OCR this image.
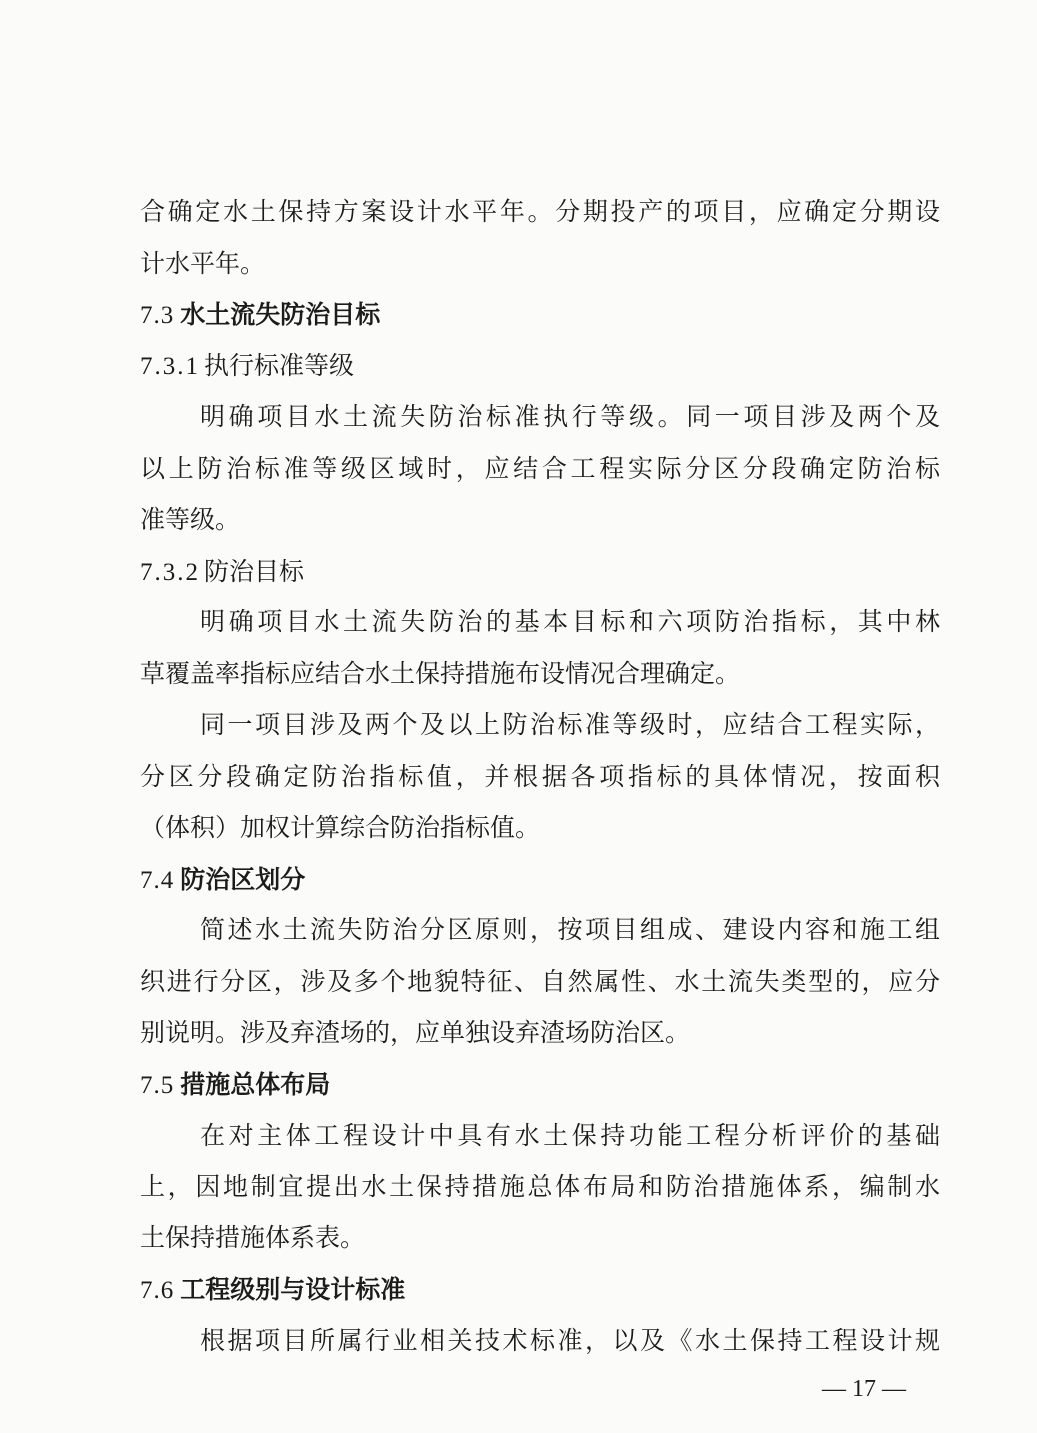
合确定水土保持方案设计水平年。分期投产的项目，应确定分期设
计水平年。
7.3 水土流失防治目标
7.3.1 执行标准等级
明确项目水土流失防治标准执行等级。同一项目涉及两个及
以上防治标准等级区域时，应结合工程实际分区分段确定防治标
准等级。
7.3.2 防治目标
明确项目水土流失防治的基本目标和六项防治指标，其中林
草覆盖率指标应结合水土保持措施布设情况合理确定。
同一项目涉及两个及以上防治标准等级时，应结合工程实际，
分区分段确定防治指标值，并根据各项指标的具体情况，按面积
（体积）加权计算综合防治指标值。
7.4 防治区划分
简述水土流失防治分区原则，按项目组成、建设内容和施工组
织进行分区，涉及多个地貌特征、自然属性、水土流失类型的，应分
别说明。涉及弃渣场的，应单独设弃渣场防治区。
7.5 措施总体布局
在对主体工程设计中具有水土保持功能工程分析评价的基础
上，因地制宜提出水土保持措施总体布局和防治措施体系，编制水
土保持措施体系表。
7.6 工程级别与设计标准
根据项目所属行业相关技术标准，以及《水土保持工程设计规
— 17 —
